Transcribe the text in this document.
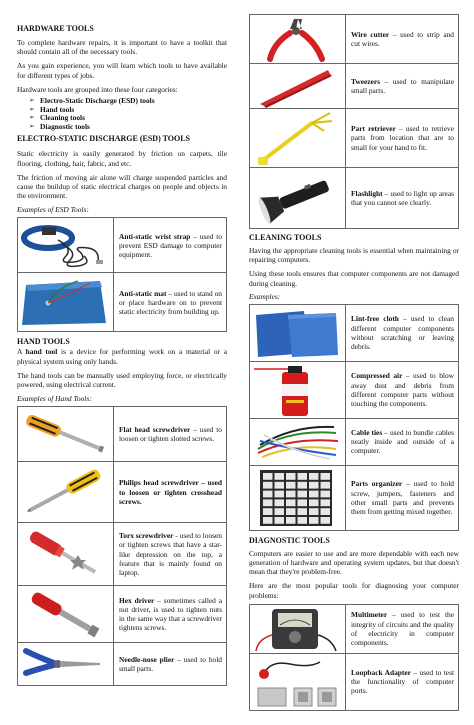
HARDWARE TOOLS

To complete hardware repairs, it is important to have a toolkit that should contain all of the necessary tools.

As you gain experience, you will learn which tools to have available for different types of jobs.

Hardware tools are grouped into these four categories:

➢ Electro-Static Discharge (ESD) tools
➢ Hand tools
➢ Cleaning tools
➢ Diagnostic tools
ELECTRO-STATIC DISCHARGE (ESD) TOOLS

Static electricity is easily generated by friction on carpets, tile flooring, clothing, hair, fabric, and etc.

The friction of moving air alone will charge suspended particles and cause the buildup of static electrical charges on people and objects in the environment.

Examples of ESD Tools:

Anti-static wrist strap – used to prevent ESD damage to computer equipment.

Anti-static mat – used to stand on or place hardware on to prevent static electricity from building up.
HAND TOOLS

A hand tool is a device for performing work on a material or a physical system using only hands.

The hand tools can be manually used employing force, or electrically powered, using electrical current.

Examples of Hand Tools:

Flat head screwdriver – used to loosen or tighten slotted screws.

Philips head screwdriver – used to loosen or tighten crosshead screws.

Torx screwdriver - used to loosen or tighten screws that have a star-like depression on the top, a feature that is mainly found on laptop.

Hex driver – sometimes called a nut driver, is used to tighten nuts in the same way that a screwdriver tightens screws.

Needle-nose plier – used to hold small parts.

Wire cutter – used to strip and cut wires.

Tweezers – used to manipulate small parts.

Part retriever – used to retrieve parts from location that are to small for your hand to fit.

Flashlight – used to light up areas that you cannot see clearly.
CLEANING TOOLS

Having the appropriate cleaning tools is essential when maintaining or repairing computers.

Using these tools ensures that computer components are not damaged during cleaning.

Examples:

Lint-free cloth – used to clean different computer components without scratching or leaving debris.

Compressed air – used to blow away dust and debris from different computer parts without touching the components.

Cable ties – used to bundle cables neatly inside and outside of a computer.

Parts organizer – used to hold screw, jumpers, fasteners and other small parts and prevents them from getting mixed together.
DIAGNOSTIC TOOLS

Computers are easier to use and are more dependable with each new generation of hardware and operating system updates, but that doesn't mean that they're problem-free.

Here are the most popular tools for diagnosing your computer problems:

Multimeter – used to test the integrity of circuits and the quality of electricity in computer components.

Loopback Adapter – used to test the functionality of computer ports.
